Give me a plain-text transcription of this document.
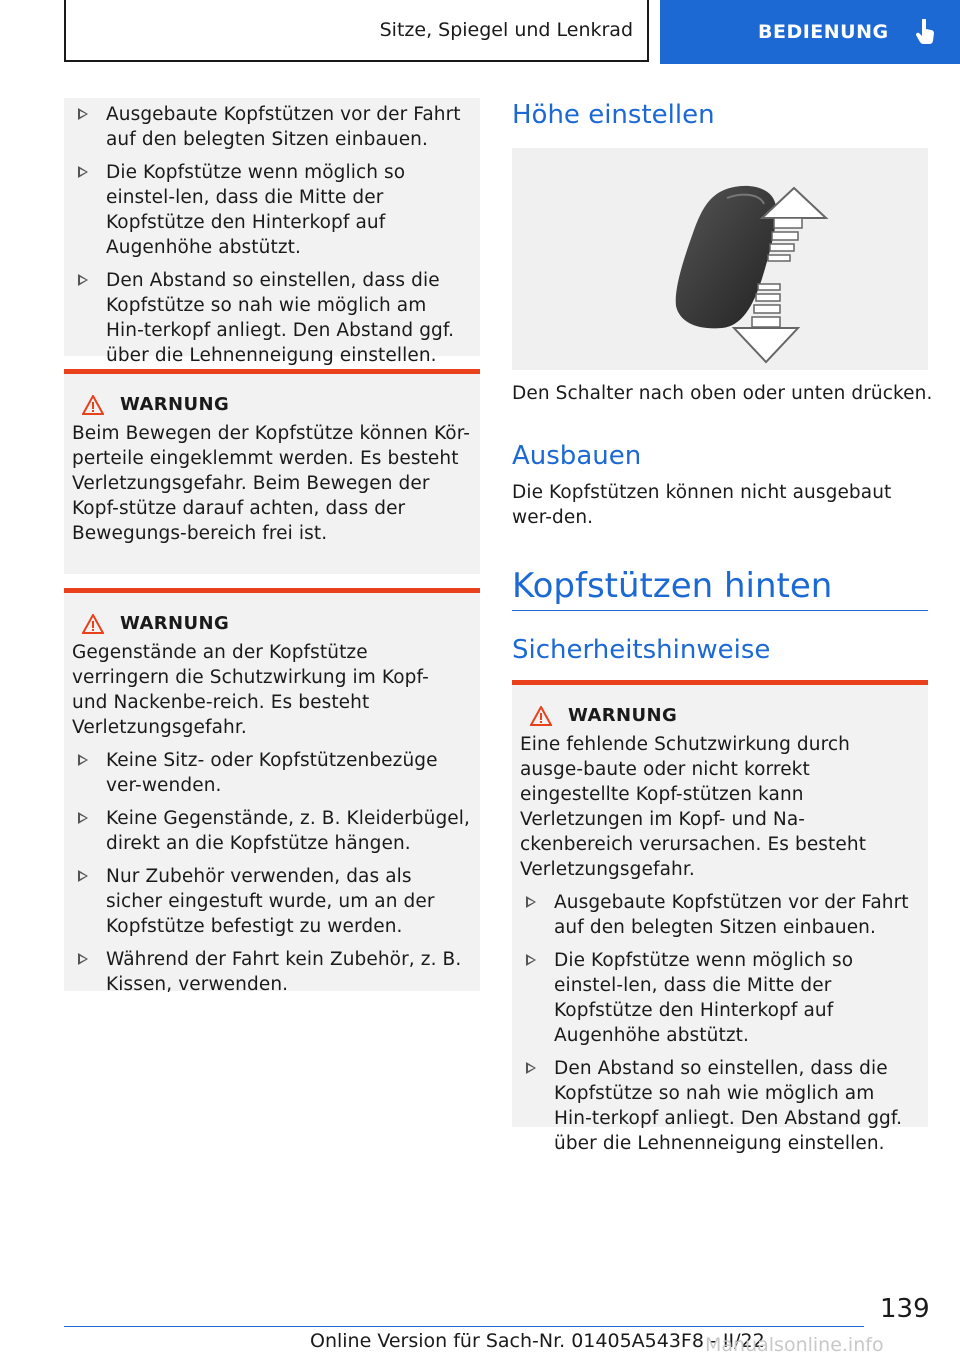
Sitze, Spiegel und Lenkrad	BEDIENUNG
Ausgebaute Kopfstützen vor der Fahrt auf den belegten Sitzen einbauen.
Die Kopfstütze wenn möglich so einstel-len, dass die Mitte der Kopfstütze den Hinterkopf auf Augenhöhe abstützt.
Den Abstand so einstellen, dass die Kopfstütze so nah wie möglich am Hin-terkopf anliegt. Den Abstand ggf. über die Lehnenneigung einstellen.
WARNUNG

Beim Bewegen der Kopfstütze können Kör-perteile eingeklemmt werden. Es besteht Verletzungsgefahr. Beim Bewegen der Kopf-stütze darauf achten, dass der Bewegungs-bereich frei ist.

WARNUNG

Gegenstände an der Kopfstütze verringern die Schutzwirkung im Kopf- und Nackenbe-reich. Es besteht Verletzungsgefahr.

Keine Sitz- oder Kopfstützenbezüge ver-wenden.
Keine Gegenstände, z. B. Kleiderbügel, direkt an die Kopfstütze hängen.
Nur Zubehör verwenden, das als sicher eingestuft wurde, um an der Kopfstütze befestigt zu werden.
Während der Fahrt kein Zubehör, z. B. Kissen, verwenden.
Höhe einstellen

Den Schalter nach oben oder unten drücken.

Ausbauen

Die Kopfstützen können nicht ausgebaut wer-den.

Kopfstützen hinten
Sicherheitshinweise
WARNUNG

Eine fehlende Schutzwirkung durch ausge-baute oder nicht korrekt eingestellte Kopf-stützen kann Verletzungen im Kopf- und Na-ckenbereich verursachen. Es besteht Verletzungsgefahr.

Ausgebaute Kopfstützen vor der Fahrt auf den belegten Sitzen einbauen.
Die Kopfstütze wenn möglich so einstel-len, dass die Mitte der Kopfstütze den Hinterkopf auf Augenhöhe abstützt.
Den Abstand so einstellen, dass die Kopfstütze so nah wie möglich am Hin-terkopf anliegt. Den Abstand ggf. über die Lehnenneigung einstellen.
139
Online Version für Sach-Nr. 01405A543F8 - II/22
Manualsonline.info
